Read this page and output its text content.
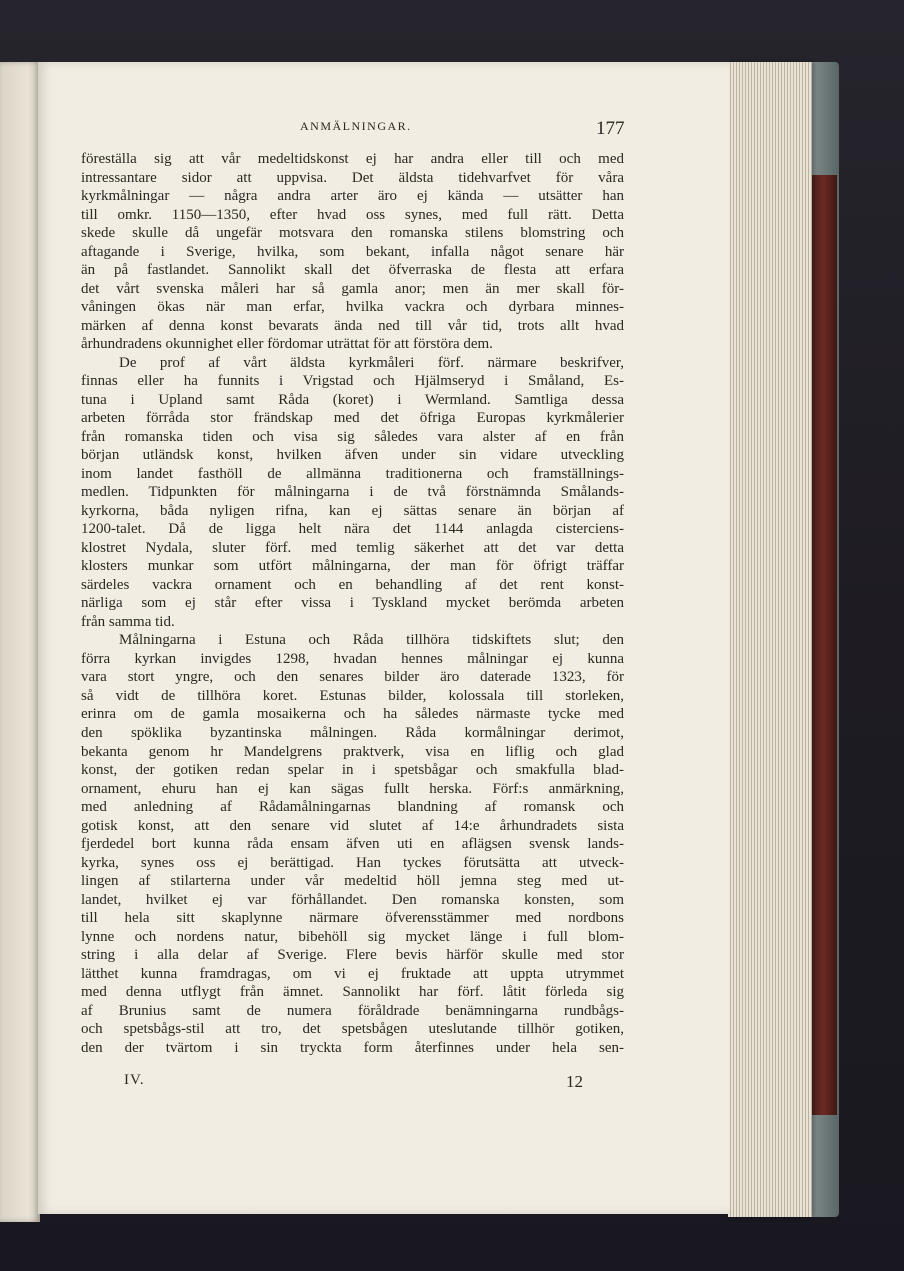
ANMÄLNINGAR.	177
föreställa sig att vår medeltidskonst ej har andra eller till och med
intressantare sidor att uppvisa. Det äldsta tidehvarfvet för våra
kyrkmålningar — några andra arter äro ej kända — utsätter han
till omkr. 1150—1350, efter hvad oss synes, med full rätt. Detta
skede skulle då ungefär motsvara den romanska stilens blomstring och
aftagande i Sverige, hvilka, som bekant, infalla något senare här
än på fastlandet. Sannolikt skall det öfverraska de flesta att erfara
det vårt svenska måleri har så gamla anor; men än mer skall för-
våningen ökas när man erfar, hvilka vackra och dyrbara minnes-
märken af denna konst bevarats ända ned till vår tid, trots allt hvad
århundradens okunnighet eller fördomar uträttat för att förstöra dem.
De prof af vårt äldsta kyrkmåleri förf. närmare beskrifver,
finnas eller ha funnits i Vrigstad och Hjälmseryd i Småland, Es-
tuna i Upland samt Råda (koret) i Wermland. Samtliga dessa
arbeten förråda stor frändskap med det öfriga Europas kyrkmålerier
från romanska tiden och visa sig således vara alster af en från
början utländsk konst, hvilken äfven under sin vidare utveckling
inom landet fasthöll de allmänna traditionerna och framställnings-
medlen. Tidpunkten för målningarna i de två förstnämnda Smålands-
kyrkorna, båda nyligen rifna, kan ej sättas senare än början af
1200-talet. Då de ligga helt nära det 1144 anlagda cisterciens-
klostret Nydala, sluter förf. med temlig säkerhet att det var detta
klosters munkar som utfört målningarna, der man för öfrigt träffar
särdeles vackra ornament och en behandling af det rent konst-
närliga som ej står efter vissa i Tyskland mycket berömda arbeten
från samma tid.
Målningarna i Estuna och Råda tillhöra tidskiftets slut; den
förra kyrkan invigdes 1298, hvadan hennes målningar ej kunna
vara stort yngre, och den senares bilder äro daterade 1323, för
så vidt de tillhöra koret. Estunas bilder, kolossala till storleken,
erinra om de gamla mosaikerna och ha således närmaste tycke med
den spöklika byzantinska målningen. Råda kormålningar derimot,
bekanta genom hr Mandelgrens praktverk, visa en liflig och glad
konst, der gotiken redan spelar in i spetsbågar och smakfulla blad-
ornament, ehuru han ej kan sägas fullt herska. Förf:s anmärkning,
med anledning af Rådamålningarnas blandning af romansk och
gotisk konst, att den senare vid slutet af 14:e århundradets sista
fjerdedel bort kunna råda ensam äfven uti en aflägsen svensk lands-
kyrka, synes oss ej berättigad. Han tyckes förutsätta att utveck-
lingen af stilarterna under vår medeltid höll jemna steg med ut-
landet, hvilket ej var förhållandet. Den romanska konsten, som
till hela sitt skaplynne närmare öfverensstämmer med nordbons
lynne och nordens natur, bibehöll sig mycket länge i full blom-
string i alla delar af Sverige. Flere bevis härför skulle med stor
lätthet kunna framdragas, om vi ej fruktade att uppta utrymmet
med denna utflygt från ämnet. Sannolikt har förf. låtit förleda sig
af Brunius samt de numera föråldrade benämningarna rundbågs-
och spetsbågs-stil att tro, det spetsbågen uteslutande tillhör gotiken,
den der tvärtom i sin tryckta form återfinnes under hela sen-
IV.	12
